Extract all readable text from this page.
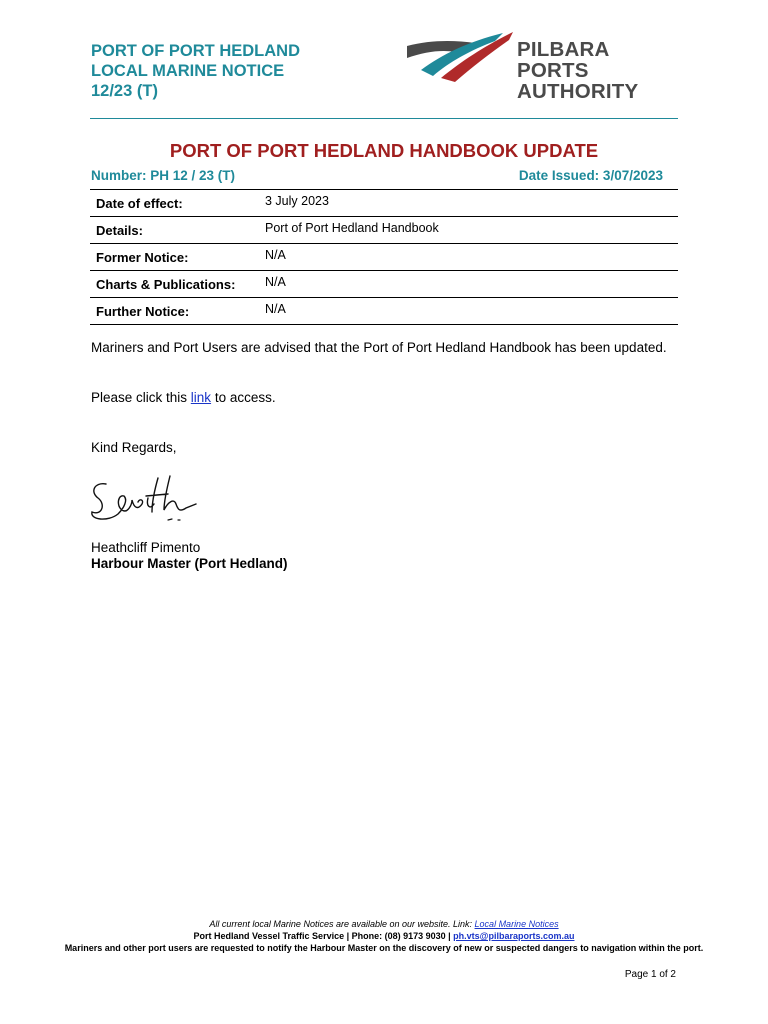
PORT OF PORT HEDLAND
LOCAL MARINE NOTICE
12/23 (T)
PILBARA PORTS
AUTHORITY
PORT OF PORT HEDLAND HANDBOOK UPDATE
Number: PH 12 / 23 (T)	Date Issued: 3/07/2023
Date of effect:	3 July 2023
Details:	Port of Port Hedland Handbook
Former Notice:	N/A
Charts & Publications:	N/A
Further Notice:	N/A
Mariners and Port Users are advised that the Port of Port Hedland Handbook has been updated.
Please click this link to access.
Kind Regards,
Heathcliff Pimento
Harbour Master (Port Hedland)
All current local Marine Notices are available on our website. Link: Local Marine Notices
Port Hedland Vessel Traffic Service | Phone: (08) 9173 9030 | ph.vts@pilbaraports.com.au
Mariners and other port users are requested to notify the Harbour Master on the discovery of new or suspected dangers to navigation within the port.
Page 1 of 2
